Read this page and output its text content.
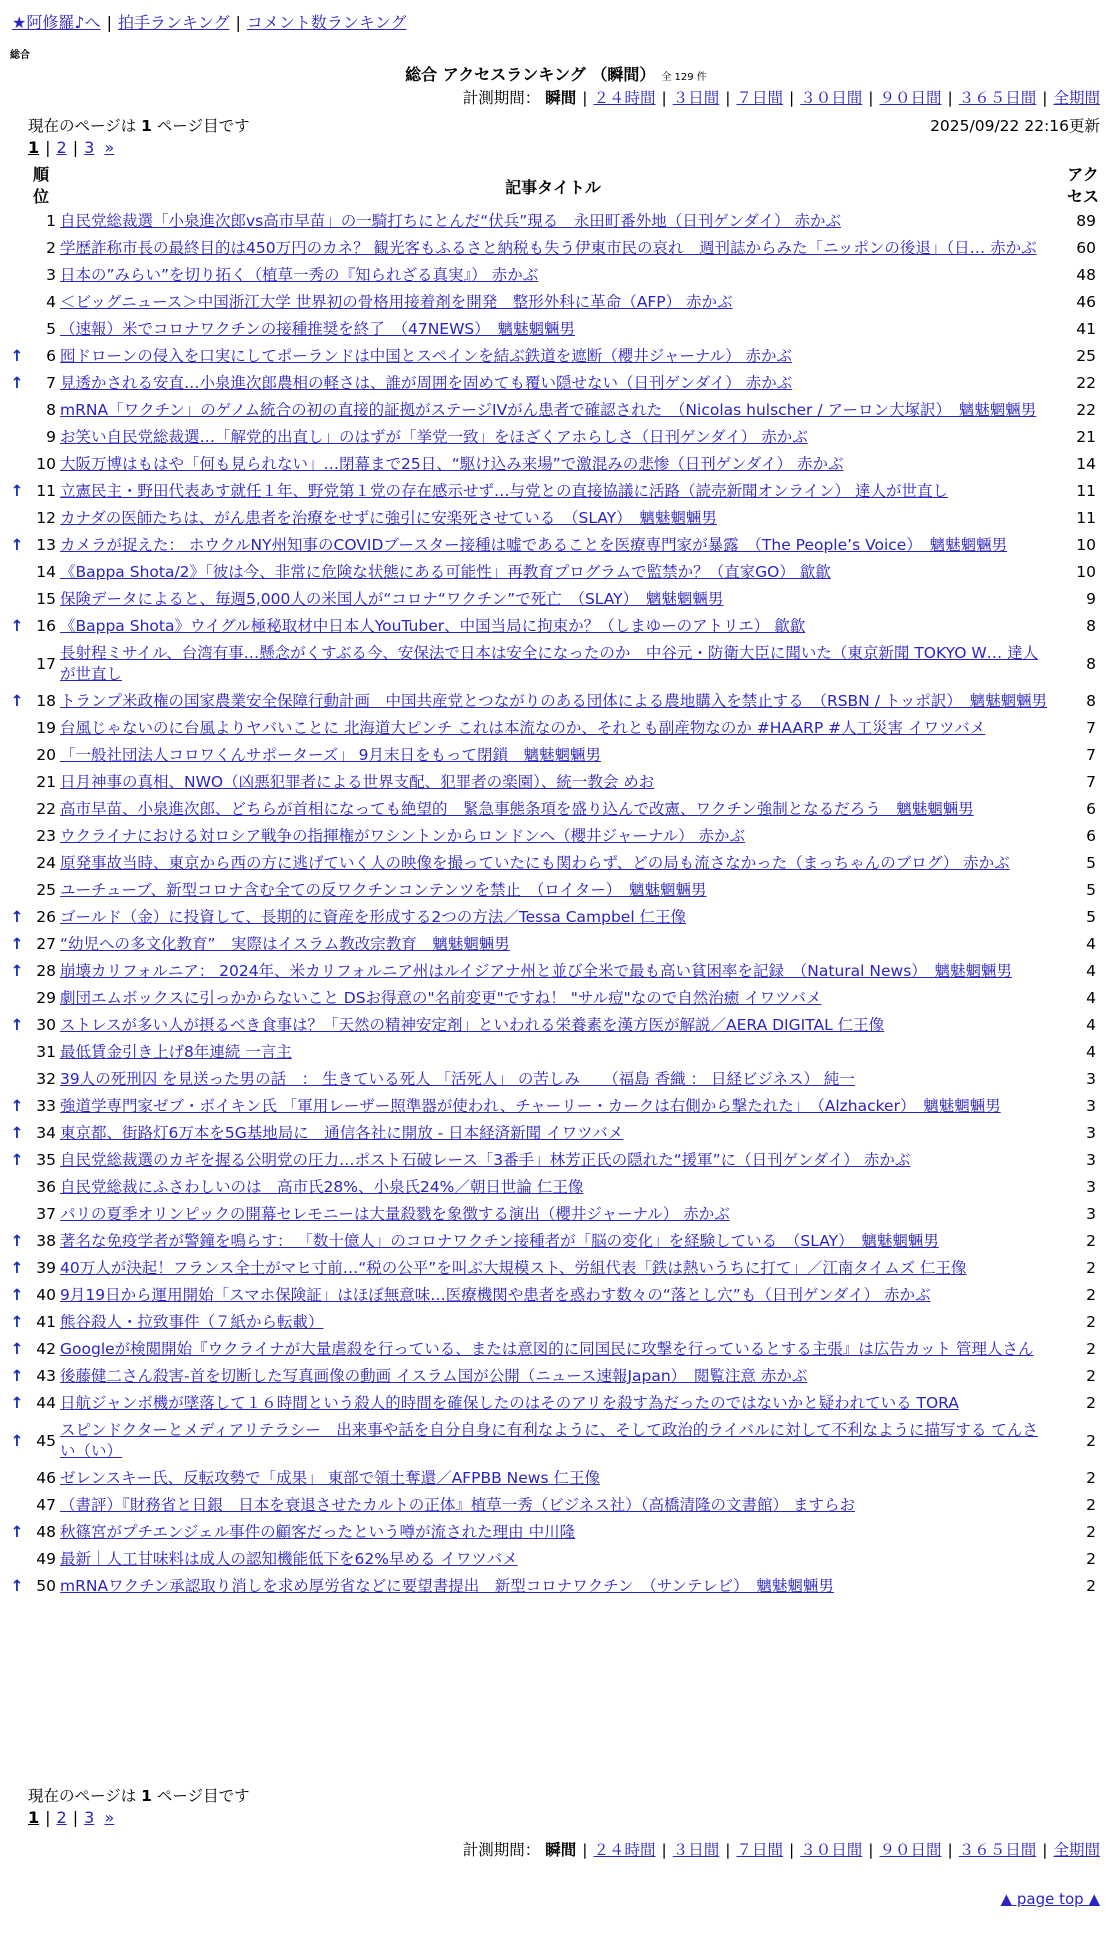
★阿修羅♪へ | 拍手ランキング | コメント数ランキング
総合
総合 アクセスランキング （瞬間） 全 129 件
計測期間： 瞬間 | ２４時間 | ３日間 | ７日間 | ３０日間 | ９０日間 | ３６５日間 | 全期間
現在のページは 1 ページ目です	2025/09/22 22:16更新
1 | 2 | 3 »
	順位	記事タイトル	アクセス
	1	自民党総裁選「小泉進次郎vs高市早苗」の一騎打ちにとんだ“伏兵”現る　永田町番外地（日刊ゲンダイ） 赤かぶ	89
	2	学歴詐称市長の最終目的は450万円のカネ？ 観光客もふるさと納税も失う伊東市民の哀れ　週刊誌からみた「ニッポンの後退」（日… 赤かぶ	60
	3	日本の”みらい”を切り拓く（植草一秀の『知られざる真実』） 赤かぶ	48
	4	＜ビッグニュース＞中国浙江大学 世界初の骨格用接着剤を開発　整形外科に革命（AFP） 赤かぶ	46
	5	（速報）米でコロナワクチンの接種推奨を終了　（47NEWS）　魑魅魍魎男	41
↑	6	囮ドローンの侵入を口実にしてポーランドは中国とスペインを結ぶ鉄道を遮断（櫻井ジャーナル） 赤かぶ	25
↑	7	見透かされる安直…小泉進次郎農相の軽さは、誰が周囲を固めても覆い隠せない（日刊ゲンダイ） 赤かぶ	22
	8	mRNA「ワクチン」のゲノム統合の初の直接的証拠がステージIVがん患者で確認された　（Nicolas hulscher / アーロン大塚訳）　魑魅魍魎男	22
	9	お笑い自民党総裁選…「解党的出直し」のはずが「挙党一致」をほざくアホらしさ（日刊ゲンダイ） 赤かぶ	21
	10	大阪万博はもはや「何も見られない」…閉幕まで25日、“駆け込み来場”で激混みの悲惨（日刊ゲンダイ） 赤かぶ	14
↑	11	立憲民主・野田代表あす就任１年、野党第１党の存在感示せず…与党との直接協議に活路（読売新聞オンライン） 達人が世直し	11
	12	カナダの医師たちは、がん患者を治療をせずに強引に安楽死させている　（SLAY）　魑魅魍魎男	11
↑	13	カメラが捉えた： ホウクルNY州知事のCOVIDブースター接種は嘘であることを医療専門家が暴露　（The People’s Voice）　魑魅魍魎男	10
	14	《Bappa Shota/2》「彼は今、非常に危険な状態にある可能性」再教育プログラムで監禁か？（直家GO） 歙歙	10
	15	保険データによると、毎週5,000人の米国人が“コロナ“ワクチン”で死亡　（SLAY）　魑魅魍魎男	9
↑	16	《Bappa Shota》ウイグル極秘取材中日本人YouTuber、中国当局に拘束か？（しまゆーのアトリエ） 歙歙	8
	17	長射程ミサイル、台湾有事…懸念がくすぶる今、安保法で日本は安全になったのか　中谷元・防衛大臣に聞いた（東京新聞 TOKYO W… 達人が世直し	8
↑	18	トランプ米政権の国家農業安全保障行動計画　中国共産党とつながりのある団体による農地購入を禁止する　（RSBN / トッポ訳）　魑魅魍魎男	8
	19	台風じゃないのに台風よりヤバいことに 北海道大ピンチ これは本流なのか、それとも副産物なのか #HAARP #人工災害 イワツバメ	7
	20	「一般社団法人コロワくんサポーターズ」 9月末日をもって閉鎖　魑魅魍魎男	7
	21	日月神事の真相、NWO（凶悪犯罪者による世界支配、犯罪者の楽園）、統一教会 めお	7
	22	高市早苗、小泉進次郎、どちらが首相になっても絶望的　緊急事態条項を盛り込んで改憲、ワクチン強制となるだろう　魑魅魍魎男	6
	23	ウクライナにおける対ロシア戦争の指揮権がワシントンからロンドンへ（櫻井ジャーナル） 赤かぶ	6
	24	原発事故当時、東京から西の方に逃げていく人の映像を撮っていたにも関わらず、どの局も流さなかった（まっちゃんのブログ） 赤かぶ	5
	25	ユーチューブ、新型コロナ含む全ての反ワクチンコンテンツを禁止　（ロイター）　魑魅魍魎男	5
↑	26	ゴールド（金）に投資して、長期的に資産を形成する2つの方法／Tessa Campbel 仁王像	5
↑	27	“幼児への多文化教育”　実際はイスラム教改宗教育　魑魅魍魎男	4
↑	28	崩壊カリフォルニア： 2024年、米カリフォルニア州はルイジアナ州と並び全米で最も高い貧困率を記録　（Natural News）　魑魅魍魎男	4
	29	劇団エムボックスに引っかからないこと DSお得意の"名前変更"ですね！ "サル痘"なので自然治癒 イワツバメ	4
↑	30	ストレスが多い人が摂るべき食事は？「天然の精神安定剤」といわれる栄養素を漢方医が解説／AERA DIGITAL 仁王像	4
	31	最低賃金引き上げ8年連続 一言主	4
	32	39人の死刑囚 を見送った男の話　： 生きている死人 「活死人」 の苦しみ　　（福島 香織 ： 日経ビジネス） 純一	3
↑	33	強道学専門家ゼブ・ボイキン氏 「軍用レーザー照準器が使われ、チャーリー・カークは右側から撃たれた」　（Alzhacker）　魑魅魍魎男	3
↑	34	東京都、街路灯6万本を5G基地局に　通信各社に開放 - 日本経済新聞 イワツバメ	3
↑	35	自民党総裁選のカギを握る公明党の圧力…ポスト石破レース「3番手」林芳正氏の隠れた“援軍”に（日刊ゲンダイ） 赤かぶ	3
	36	自民党総裁にふさわしいのは　高市氏28%、小泉氏24%／朝日世論 仁王像	3
	37	パリの夏季オリンピックの開幕セレモニーは大量殺戮を象徴する演出（櫻井ジャーナル） 赤かぶ	3
↑	38	著名な免疫学者が警鐘を鳴らす： 「数十億人」のコロナワクチン接種者が「脳の変化」を経験している　（SLAY）　魑魅魍魎男	2
↑	39	40万人が決起！フランス全土がマヒ寸前…“税の公平”を叫ぶ大規模スト、労組代表「鉄は熱いうちに打て」／江南タイムズ 仁王像	2
↑	40	9月19日から運用開始「スマホ保険証」はほぼ無意味…医療機関や患者を惑わす数々の“落とし穴”も（日刊ゲンダイ） 赤かぶ	2
↑	41	熊谷殺人・拉致事件（７紙から転載）	2
↑	42	Googleが検閲開始『ウクライナが大量虐殺を行っている、または意図的に同国民に攻撃を行っているとする主張』は広告カット 管理人さん	2
↑	43	後藤健二さん殺害-首を切断した写真画像の動画 イスラム国が公開（ニュース速報Japan）　閲覧注意 赤かぶ	2
↑	44	日航ジャンボ機が墜落して１６時間という殺人的時間を確保したのはそのアリを殺す為だったのではないかと疑われている TORA	2
↑	45	スピンドクターとメディアリテラシー　出来事や話を自分自身に有利なように、そして政治的ライバルに対して不利なように描写する てんさい（い）	2
	46	ゼレンスキー氏、反転攻勢で「成果」 東部で領土奪還／AFPBB News 仁王像	2
	47	（書評）『財務省と日銀　日本を衰退させたカルトの正体』植草一秀（ビジネス社）（高橋清隆の文書館） ますらお	2
↑	48	秋篠宮がプチエンジェル事件の顧客だったという噂が流された理由 中川隆	2
	49	最新｜人工甘味料は成人の認知機能低下を62%早める イワツバメ	2
↑	50	mRNAワクチン承認取り消しを求め厚労省などに要望書提出　新型コロナワクチン　（サンテレビ）　魑魅魍魎男	2
現在のページは 1 ページ目です
1 | 2 | 3 »
計測期間： 瞬間 | ２４時間 | ３日間 | ７日間 | ３０日間 | ９０日間 | ３６５日間 | 全期間
▲ page top ▲
